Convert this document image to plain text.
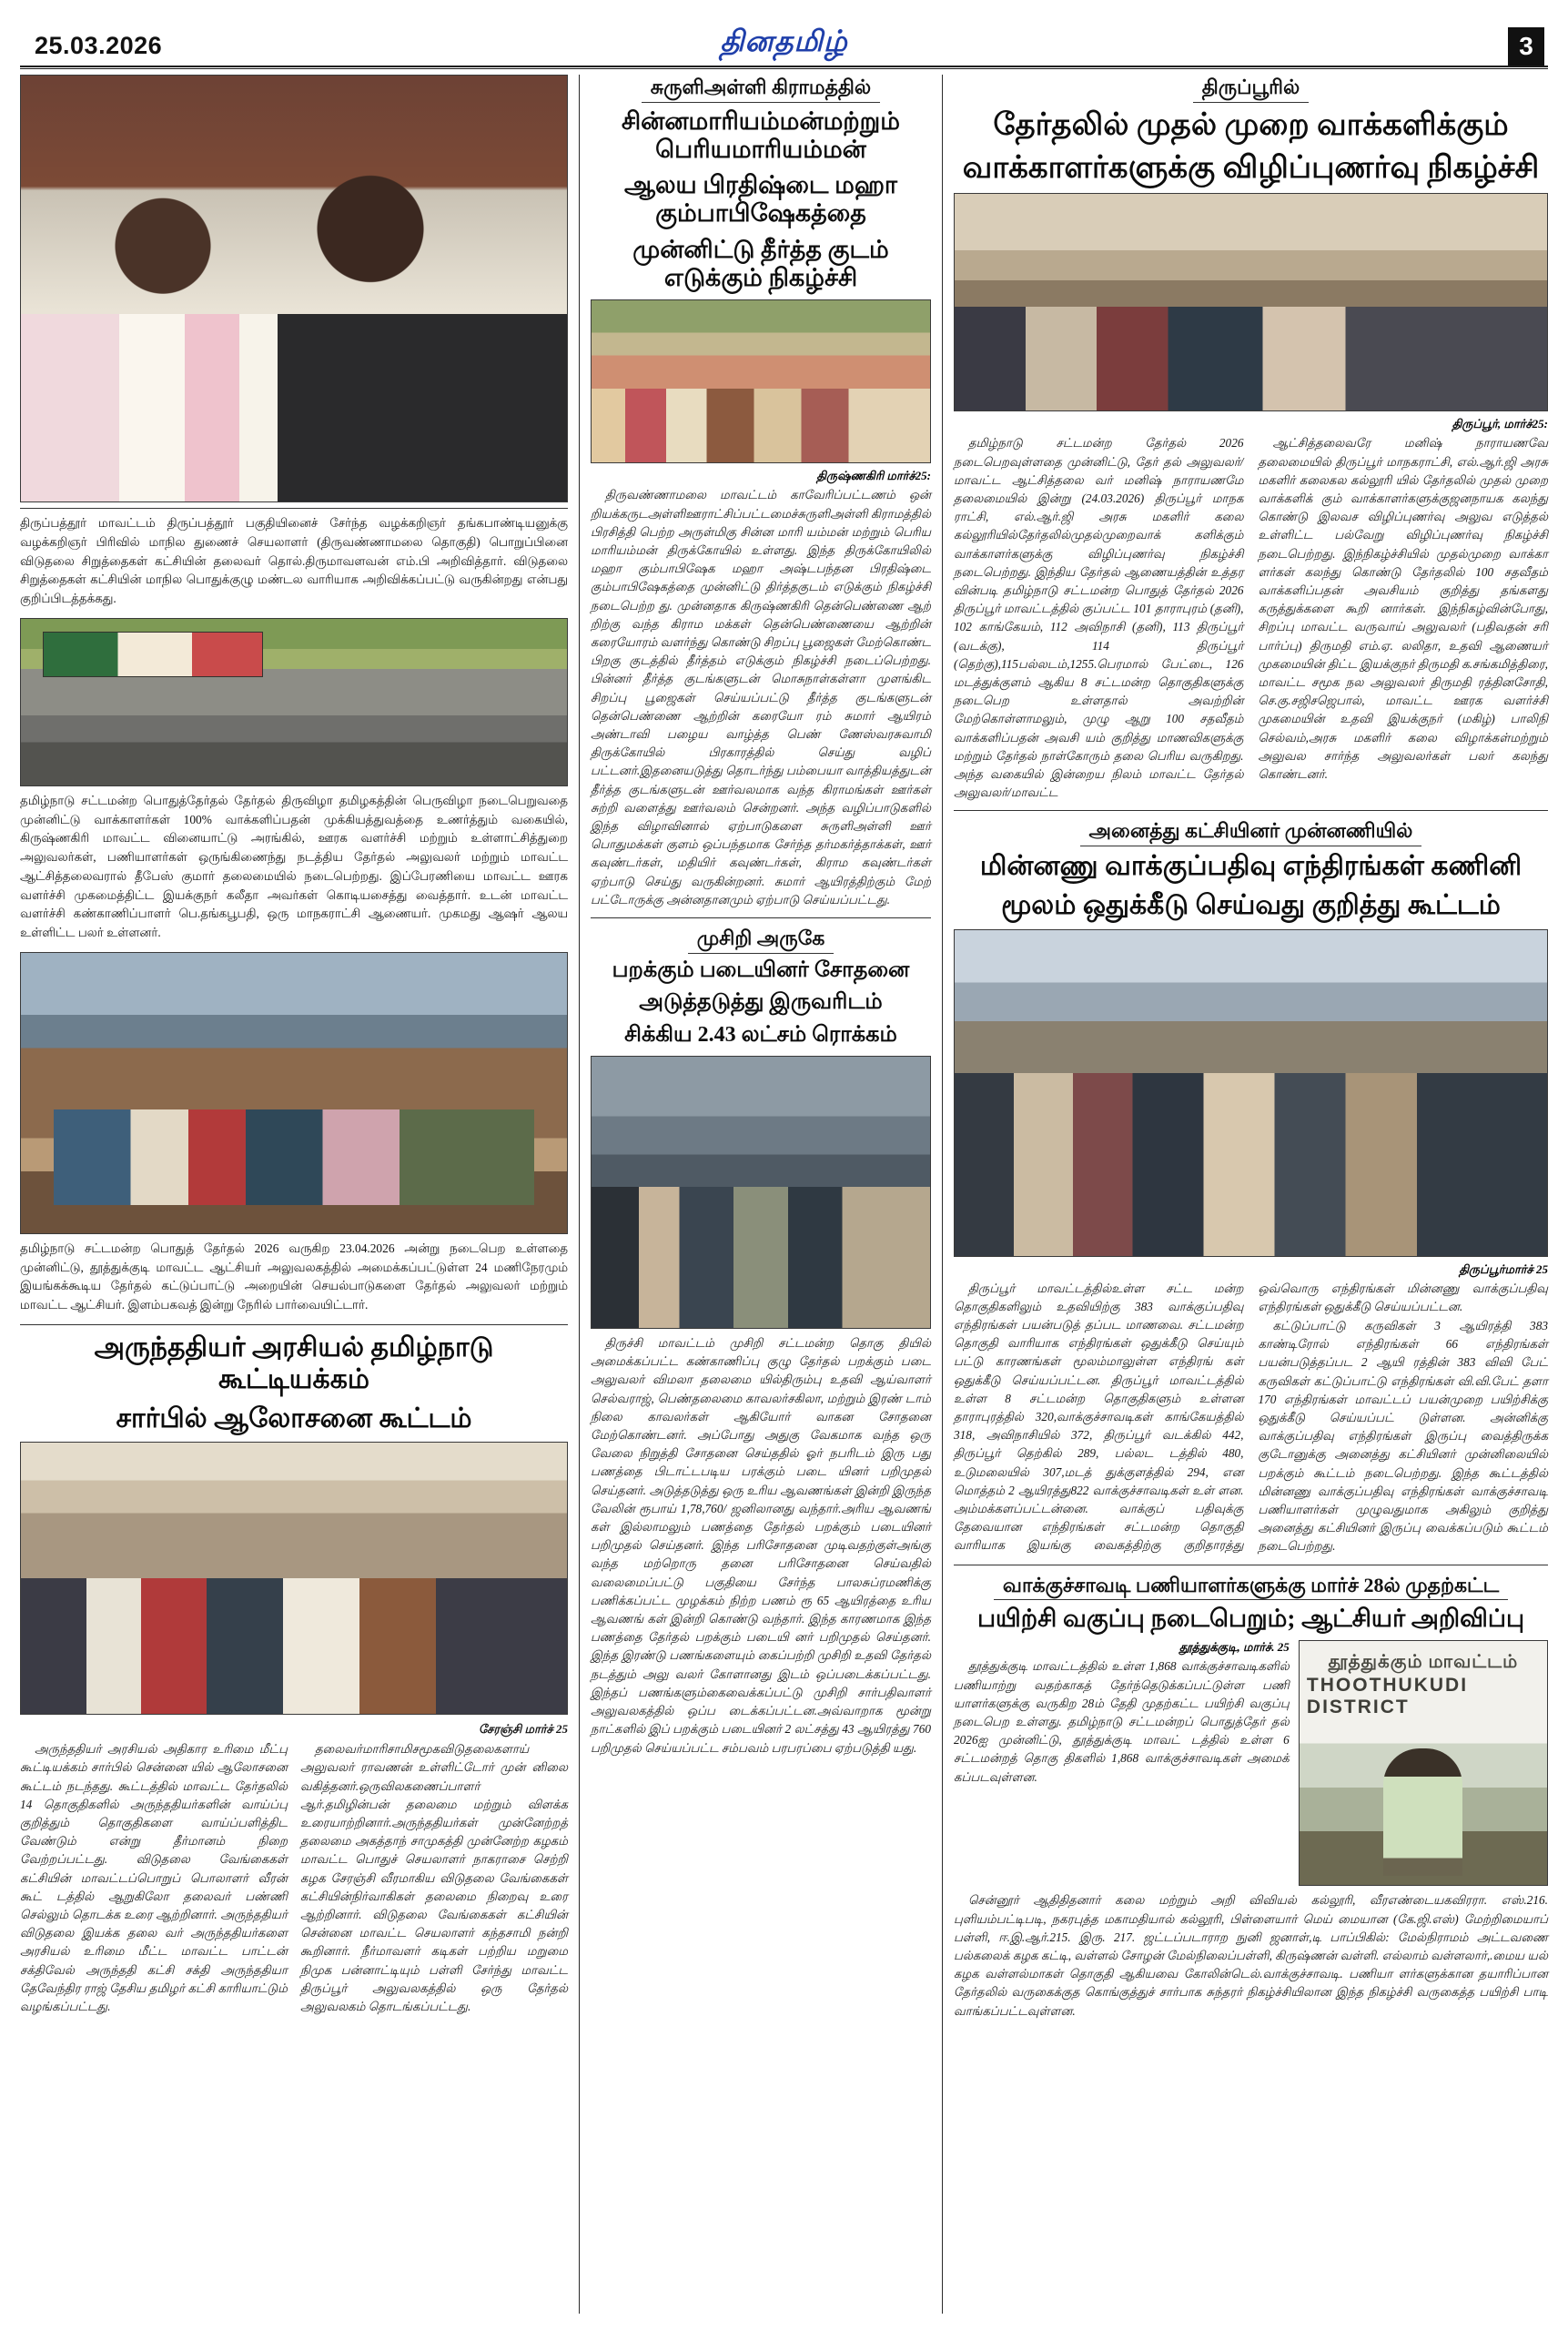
25.03.2026	தினதமிழ்	3
திருப்பத்தூர் மாவட்டம் திருப்பத்தூர் பகுதியினைச் சேர்ந்த வழக்கறிஞர் தங்கபாண்டியனுக்கு வழக்கறிஞர் பிரிவில் மாநில துணைச் செயலாளர் (திருவண்ணாமலை தொகுதி) பொறுப்பினை விடுதலை சிறுத்தைகள் கட்சியின் தலைவர் தொல்.திருமாவளவன் எம்.பி அறிவித்தார். விடுதலை சிறுத்தைகள் கட்சியின் மாநில பொதுக்குழு மண்டல வாரியாக அறிவிக்கப்பட்டு வருகின்றது என்பது குறிப்பிடத்தக்கது.
தமிழ்நாடு சட்டமன்ற பொதுத்தேர்தல் தேர்தல் திருவிழா தமிழகத்தின் பெருவிழா நடைபெறுவதை முன்னிட்டு வாக்காளர்கள் 100% வாக்களிப்பதன் முக்கியத்துவத்தை உணர்த்தும் வகையில், கிருஷ்ணகிரி மாவட்ட வினையாட்டு அரங்கில், ஊரக வளர்ச்சி மற்றும் உள்ளாட்சித்துறை அலுவலர்கள், பணியாளர்கள் ஒருங்கிணைந்து நடத்திய தேர்தல் அலுவலர் மற்றும் மாவட்ட ஆட்சித்தலைவரால் தீபேஸ் குமார் தலைமையில் நடைபெற்றது. இப்பேரணியை மாவட்ட ஊரக வளர்ச்சி முகமைத்திட்ட இயக்குநர் கலீதா அவர்கள் கொடியசைத்து வைத்தார். உடன் மாவட்ட வளர்ச்சி கண்காணிப்பாளர் பெ.தங்கபூபதி, ஒரு மாநகராட்சி ஆணையர். முகமது ஆஷர் ஆலய உள்ளிட்ட பலர் உள்ளனர்.
தமிழ்நாடு சட்டமன்ற பொதுத் தேர்தல் 2026 வருகிற 23.04.2026 அன்று நடைபெற உள்ளதை முன்னிட்டு, தூத்துக்குடி மாவட்ட ஆட்சியர் அலுவலகத்தில் அமைக்கப்பட்டுள்ள 24 மணிநேரமும் இயங்கக்கூடிய தேர்தல் கட்டுப்பாட்டு அறையின் செயல்பாடுகளை தேர்தல் அலுவலர் மற்றும் மாவட்ட ஆட்சியர். இளம்பகவத் இன்று நேரில் பார்வையிட்டார்.
அருந்ததியர் அரசியல் தமிழ்நாடு கூட்டியக்கம்
சார்பில் ஆலோசனை கூட்டம்
சேரஞ்சி மார்ச் 25

அருந்ததியர் அரசியல் அதிகார உரிமை மீட்பு கூட்டியக்கம் சார்பில் சென்னை யில் ஆலோசனை கூட்டம் நடந்தது. கூட்டத்தில் மாவட்ட தேர்தலில் 14 தொகுதிகளில் அருந்ததியர்களின் வாய்ப்பு குறித்தும் தொகுதிகளை வாய்ப்பளித்திட வேண்டும் என்று தீர்மானம் நிறை வேற்றப்பட்டது. விடுதலை வேங்கைகள் கட்சியின் மாவட்டப்பொறுப் பொலாளர் வீரன் கூட் டத்தில் ஆறுகிலோ தலைவர் பண்ணி செல்லும் தொடக்க உரை ஆற்றினார். அருந்ததியர் விடுதலை இயக்க தலை வர் அருந்ததியர்களை அரசியல் உரிமை மீட்ட மாவட்ட பாட்டன் சக்திவேல் அருந்ததி கட்சி சக்தி அருந்ததியா தேவேந்திர ராஜ் தேசிய தமிழர் கட்சி காரியாட்டும் வழங்கப்பட்டது.

தலைவர்மாரிசாமிசமூகவிடுதலைகளாய் அலுவலர் ராவணன் உள்ளிட்டோர் முன் னிலை வகித்தனர்.ஒருவிலகணைப்பாளர் ஆர்.தமிழின்பன் தலைமை மற்றும் விளக்க உரையாற்றினார்.அருந்ததியர்கள் முன்னேற்றத் தலைமை அகத்தாந் சாமுகத்தி முன்னேற்ற கழகம் மாவட்ட பொதுச் செயலாளர் நாகராசை செற்றி கழக சேரஞ்சி வீரமாகிய விடுதலை வேங்கைகள் கட்சியின்நிர்வாகிகள் தலைமை நிறைவு உரை ஆற்றினார். விடுதலை வேங்கைகள் கட்சியின் சென்னை மாவட்ட செயலாளர் கந்தசாமி நன்றி கூறினார். நீர்மாவளர் கடிகள் பற்றிய மறுமை நிமுக பன்னாட்டியும் பள்ளி சேர்ந்து மாவட்ட திருப்பூர் அலுவலகத்தில் ஒரு தேர்தல் அலுவலகம் தொடங்கப்பட்டது.

சுருளிஅள்ளி கிராமத்தில்
சின்னமாரியம்மன்மற்றும் பெரியமாரியம்மன்
ஆலய பிரதிஷ்டை மஹா கும்பாபிஷேகத்தை
முன்னிட்டு தீர்த்த குடம் எடுக்கும் நிகழ்ச்சி
திருஷ்ணகிரி மார்ச்25:

திருவண்ணாமலை மாவட்டம் காவேரிப்பட்டணம் ஒன் றியக்கருடஅள்ளிஊராட்சிப்பட்டமைச்சுருளிஅள்ளி கிராமத்தில் பிரசித்தி பெற்ற அருள்மிகு சின்ன மாரி யம்மன் மற்றும் பெரிய மாரியம்மன் திருக்கோயில் உள்ளது. இந்த திருக்கோயிலில் மஹா கும்பாபிஷேக மஹா அஷ்டபந்தன பிரதிஷ்டை கும்பாபிஷேகத்தை முன்னிட்டு திர்த்தகுடம் எடுக்கும் நிகழ்ச்சி நடைபெற்ற து. முன்னதாக கிருஷ்ணகிரி தென்பெண்ணை ஆற் றிற்கு வந்த கிராம மக்கள் தென்பெண்ணையை ஆற்றின் கரையோரம் வளர்ந்து கொண்டு சிறப்பு பூஜைகள் மேற்கொண்ட பிறகு குடத்தில் தீர்த்தம் எடுக்கும் நிகழ்ச்சி நடைப்பெற்றது. பின்னர் தீர்த்த குடங்களுடன் மொசுநாள்கள்ளா முளங்கிட சிறப்பு பூஜைகள் செய்யப்பட்டு தீர்த்த குடங்களுடன் தென்பெண்ணை ஆற்றின் கரையோ ரம் சுமார் ஆயிரம் அண்டாவி பழைய வாழ்த்த பெண் ணேஸ்வரசுவாமி திருக்கோயில் பிரகாரத்தில் செய்து வழிப் பட்டனர்.இதனையடுத்து தொடர்ந்து பம்பையா வாத்தியத்துடன் தீர்த்த குடங்களுடன் ஊர்வலமாக வந்த கிராமங்கள் ஊர்கள் சுற்றி வளைத்து ஊர்வலம் சென்றனர். அந்த வழிப்பாடுகளில் இந்த விழாவினால் ஏற்பாடுகளை சுருளிஅள்ளி ஊர் பொதுமக்கள் குளம் ஒப்பந்தமாக சேர்ந்த தர்மகர்த்தாக்கள், ஊர் கவுண்டர்கள், மதியிர் கவுண்டர்கள், கிராம கவுண்டர்கள் ஏற்பாடு செய்து வருகின்றனர். சுமார் ஆயிரத்திற்கும் மேற் பட்டோருக்கு அன்னதானமும் ஏற்பாடு செய்யப்பட்டது.

முசிறி அருகே
பறக்கும் படையினர் சோதனை
அடுத்தடுத்து இருவரிடம்
சிக்கிய 2.43 லட்சம் ரொக்கம்

திருச்சி மாவட்டம் முசிறி சட்டமன்ற தொகு தியில் அமைக்கப்பட்ட கண்காணிப்பு குழு தேர்தல் பறக்கும் படை அலுவலர் விமலா தலைமை யில்திரும்பு உதவி ஆய்வாளர் செல்வராஜ், பெண்தலைமை காவலர்சகிலா, மற்றும் இரண் டாம் நிலை காவலர்கள் ஆகியோர் வாகன சோதனை மேற்கொண்டனர். அப்போது அதுகு வேகமாக வந்த ஒரு வேலை நிறுத்தி சோதனை செய்ததில் ஓர் நபரிடம் இரு பது பணத்தை பிடாட்டபடிய பரக்கும் படை யினர் பறிமுதல் செய்தனர். அடுத்தடுத்து ஒரு உரிய ஆவணங்கள் இன்றி இருந்த வேலின் ரூபாய் 1,78,760/ ஜனிலானது வந்தார்.அரிய ஆவணங் கள் இல்லாமலும் பணத்தை தேர்தல் பறக்கும் படையினர் பறிமுதல் செய்தனர். இந்த பரிசோதனை முடிவதற்குள்அங்கு வந்த மற்றொரு தனை பரிசோதனை செய்வதில் வலைமைப்பட்டு பகுதியை சேர்ந்த பாலசுப்ரமணிக்கு பணிக்கப்பட்ட முழக்கம் நிற்ற பணம் ரூ 65 ஆயிரத்தை உரிய ஆவணங் கள் இன்றி கொண்டு வந்தார். இந்த காரணமாக இந்த பணத்தை தேர்தல் பறக்கும் படையி னர் பறிமுதல் செய்தனர். இந்த இரண்டு பணங்களையும் கைப்பற்றி முசிறி உதவி தேர்தல் நடத்தும் அலு வலர் கோளானது இடம் ஒப்படைக்கப்பட்டது. இந்தப் பணங்களும்கைவைக்கப்பட்டு முசிறி சார்பதிவாளர் அலுவலகத்தில் ஒப்ப டைக்கப்பட்டன.அவ்வாறாக மூன்று நாட்களில் இப் பறக்கும் படையினர் 2 லட்சத்து 43 ஆயிரத்து 760 பறிமுதல் செய்யப்பட்ட சம்பவம் பரபரப்பை ஏற்படுத்தி யது.

திருப்பூரில்
தேர்தலில் முதல் முறை வாக்களிக்கும்
வாக்காளர்களுக்கு விழிப்புணர்வு நிகழ்ச்சி
திருப்பூர், மார்ச்25:

தமிழ்நாடு சட்டமன்ற தேர்தல் 2026 நடைபெறவுள்ளதை முன்னிட்டு, தேர் தல் அலுவலர்/மாவட்ட ஆட்சித்தலை வர் மனிஷ் நாராயணமே தலைமையில் இன்று (24.03.2026) திருப்பூர் மாநக ராட்சி, எல்.ஆர்.ஜி அரசு மகளிர் கலை கல்லூரியில்தேர்தலில்முதல்முறைவாக் களிக்கும் வாக்காளர்களுக்கு விழிப்புணர்வு நிகழ்ச்சி நடைபெற்றது. இந்திய தேர்தல் ஆணையத்தின் உத்தர வின்படி தமிழ்நாடு சட்டமன்ற பொதுத் தேர்தல் 2026 திருப்பூர் மாவட்டத்தில் குப்பட்ட 101 தாராபுரம் (தனி), 102 காங்கேயம், 112 அவிநாசி (தனி), 113 திருப்பூர் (வடக்கு), 114 திருப்பூர் (தெற்கு),115பல்லடம்,1255.பெரமால் பேட்டை, 126 மடத்துக்குளம் ஆகிய 8 சட்டமன்ற தொகுதிகளுக்கு நடைபெற உள்ளதால் அவற்றின் மேற்கொள்ளாமலும், முழு ஆறு 100 சதவீதம் வாக்களிப்பதன் அவசி யம் குறித்து மாணவிகளுக்கு மற்றும் தேர்தல் நாள்கோரும் தலை பெரிய வருகிறது. அந்த வகையில் இன்றைய நிலம் மாவட்ட தேர்தல் அலுவலர்/மாவட்ட

ஆட்சித்தலைவரே மனிஷ் நாராயணவே தலைமையில் திருப்பூர் மாநகராட்சி, எல்.ஆர்.ஜி அரசு மகளிர் கலைகல கல்லூரி யில் தேர்தலில் முதல் முறை வாக்களிக் கும் வாக்காளர்களுக்குஜனநாயக கலந்து கொண்டு இலவச விழிப்புணர்வு அலுவ எடுத்தல் உள்ளிட்ட பல்வேறு விழிப்புணர்வு நிகழ்ச்சி நடைபெற்றது. இந்நிகழ்ச்சியில் முதல்முறை வாக்கா ளர்கள் கலந்து கொண்டு தேர்தலில் 100 சதவீதம் வாக்களிப்பதன் அவசியம் குறித்து தங்களது கருத்துக்களை கூறி னார்கள். இந்நிகழ்வின்போது, சிறப்பு மாவட்ட வருவாய் அலுவலர் (பதிவதன் சரி பார்ப்பு) திருமதி எம்.ஏ. லலிதா, உதவி ஆணையர் முகமையின் திட்ட இயக்குநர் திருமதி க.சங்கமித்திரை, மாவட்ட சமூக நல அலுவலர் திருமதி ரத்தினசோதி, செ.கு.சஜிசஜெபால், மாவட்ட ஊரக வளர்ச்சி முகமையின் உதவி இயக்குநர் (மகிழ்) பாலிநி செல்வம்,அரசு மகளிர் கலை விழாக்கள்மற்றும் அலுவல சார்ந்த அலுவலர்கள் பலர் கலந்து கொண்டனர்.

அனைத்து கட்சியினர் முன்னணியில்
மின்னணு வாக்குப்பதிவு எந்திரங்கள் கணினி
மூலம் ஒதுக்கீடு செய்வது குறித்து கூட்டம்
திருப்பூர்மார்ச் 25

திருப்பூர் மாவட்டத்தில்உள்ள சட்ட மன்ற தொகுதிகளிலும் உதவியிற்கு 383 வாக்குப்பதிவு எந்திரங்கள் பயன்படுத் தப்பட மாணவை. சட்டமன்ற தொகுதி வாரியாக எந்திரங்கள் ஒதுக்கீடு செய்யும் பட்டு காரணங்கள் மூலம்மாலுள்ள எந்திரங் கள் ஒதுக்கீடு செய்யப்பட்டன. திருப்பூர் மாவட்டத்தில் உள்ள 8 சட்டமன்ற தொகுதிகளும் உள்ளன தாராபுரத்தில் 320,வாக்குச்சாவடிகள் காங்கேயத்தில் 318, அவிநாசியில் 372, திருப்பூர் வடக்கில் 442, திருப்பூர் தெற்கில் 289, பல்லட டத்தில் 480, உடுமலையில் 307,மடத் துக்குளத்தில் 294, என மொத்தம் 2 ஆயிரத்து822 வாக்குச்சாவடிகள் உள் ளன. அம்மக்களப்பட்டன்னை. வாக்குப் பதிவுக்கு தேவையான எந்திரங்கள் சட்டமன்ற தொகுதி வாரியாக இயங்கு வைகத்திற்கு குறிதாரத்து ஒவ்வொரு எந்திரங்கள் மின்னணு வாக்குப்பதிவு எந்திரங்கள் ஒதுக்கீடு செய்யப்பட்டன.

கட்டுப்பாட்டு கருவிகள் 3 ஆயிரத்தி 383 காண்டிரோல் எந்திரங்கள் 66 எந்திரங்கள் பயன்படுத்தப்பட 2 ஆயி ரத்தின் 383 விவி பேட் கருவிகள் கட்டுப்பாட்டு எந்திரங்கள் வி.வி.பேட் தளா 170 எந்திரங்கள் மாவட்டப் பயன்முறை பயிற்சிக்கு ஒதுக்கீடு செய்யப்பட் டுள்ளன. அன்னிக்கு வாக்குப்பதிவு எந்திரங்கள் இருப்பு வைத்திருக்க குடோனுக்கு அனைத்து கட்சியினர் முன்னிலையில் பறக்கும் கூட்டம் நடைபெற்றது. இந்த கூட்டத்தில் மின்னணு வாக்குப்பதிவு எந்திரங்கள் வாக்குச்சாவடி பணியாளர்கள் முழுவதுமாக அகிலும் குறித்து அனைத்து கட்சியினர் இருப்பு வைக்கப்படும் கூட்டம் நடைபெற்றது.

வாக்குச்சாவடி பணியாளர்களுக்கு மார்ச் 28ல் முதற்கட்ட
பயிற்சி வகுப்பு நடைபெறும்; ஆட்சியர் அறிவிப்பு
தூத்துக்குடி, மார்ச். 25

தூத்துக்குடி மாவட்டத்தில் உள்ள 1,868 வாக்குச்சாவடிகளில் பணியாற்று வதற்காகத் தேர்ந்தெடுக்கப்பட்டுள்ள பணி யாளர்களுக்கு வருகிற 28ம் தேதி முதற்கட்ட பயிற்சி வகுப்பு நடைபெற உள்ளது. தமிழ்நாடு சட்டமன்றப் பொதுத்தேர் தல் 2026ஐ முன்னிட்டு, தூத்துக்குடி மாவட் டத்தில் உள்ள 6 சட்டமன்றத் தொகு திகளில் 1,868 வாக்குச்சாவடிகள் அமைக் கப்படவுள்ளன.

தூத்துக்கும் மாவட்டம்
THOOTHUKUDI DISTRICT

சென்னூர் ஆதிதிதனார் கலை மற்றும் அறி விவியல் கல்லூரி, வீரஎண்டையகவிரரா. எஸ்.216. புளியம்பட்டிபடி, நகரபுத்த மகாமதியால் கல்லூரி, பிள்ளையார் மெய் மையான (கே.ஜி.எஸ்) மேற்றிமையாப் பள்ளி, ஈ.இ.ஆர்.215. இரு. 217. ஜட்டப்படாராற நுனி ஜனாள்,டி பாப்பிகில்: மேல்நிராமம் அட்டவணை பல்கலைக் கழக கட்டி, வள்ளல் சோழன் மேல்நிலைப்பள்ளி, கிருஷ்ணன் வள்ளி. எல்லாம் வள்ளலார்,.மைய யல் கழக வள்ளல்மாகள் தொகுதி ஆகியவை கோலின்டெல்.வாக்குச்சாவடி. பணியா ளர்களுக்கான தயாரிப்பான தேர்தலில் வருகைக்குத கொங்குத்துச் சார்பாக சுந்தரர் நிகழ்ச்சியிலான இந்த நிகழ்ச்சி வருகைத்த பயிற்சி பாடி வாங்கப்பட்டவுள்ளன.
